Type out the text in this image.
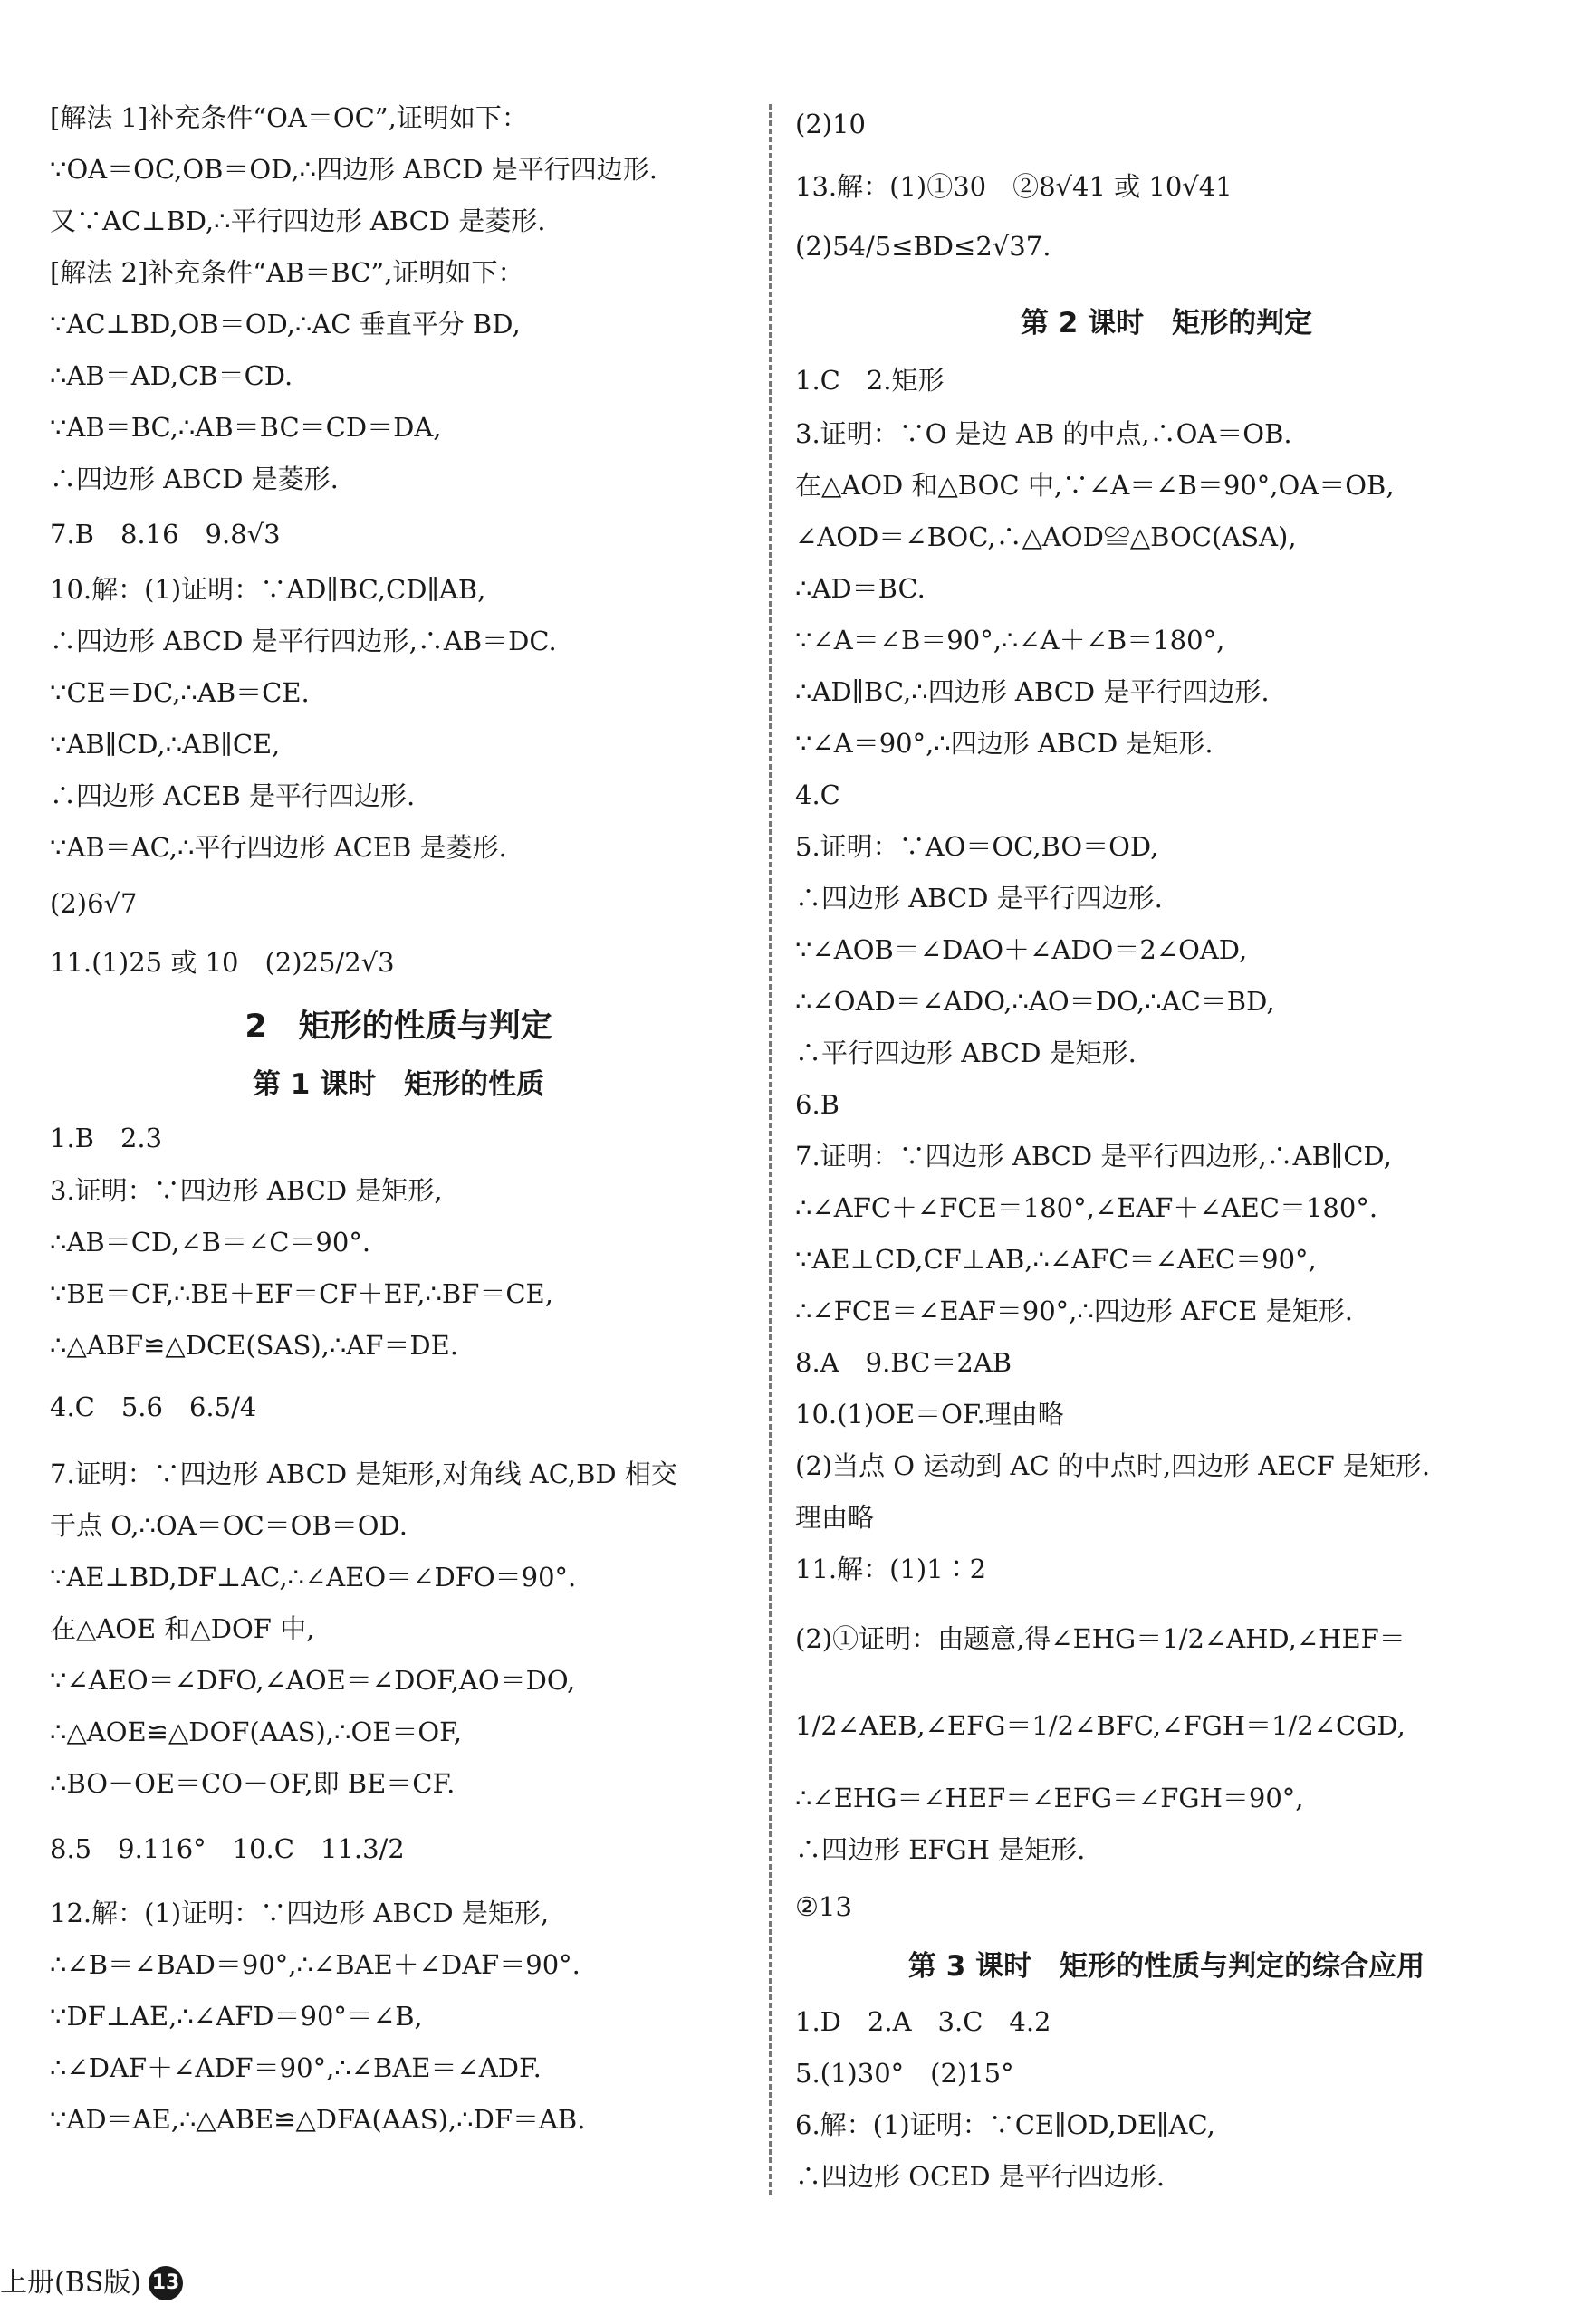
[解法 1]补充条件“OA＝OC”,证明如下：
∵OA＝OC,OB＝OD,∴四边形 ABCD 是平行四边形.
又∵AC⊥BD,∴平行四边形 ABCD 是菱形.
[解法 2]补充条件“AB＝BC”,证明如下：
∵AC⊥BD,OB＝OD,∴AC 垂直平分 BD,
∴AB＝AD,CB＝CD.
∵AB＝BC,∴AB＝BC＝CD＝DA,
∴四边形 ABCD 是菱形.
7.B　8.16　9.8√3
10.解：(1)证明：∵AD∥BC,CD∥AB,
∴四边形 ABCD 是平行四边形,∴AB＝DC.
∵CE＝DC,∴AB＝CE.
∵AB∥CD,∴AB∥CE,
∴四边形 ACEB 是平行四边形.
∵AB＝AC,∴平行四边形 ACEB 是菱形.
(2)6√7
11.(1)25 或 10　(2)25/2√3
2　矩形的性质与判定
第 1 课时　矩形的性质
1.B　2.3
3.证明：∵四边形 ABCD 是矩形,
∴AB＝CD,∠B＝∠C＝90°.
∵BE＝CF,∴BE＋EF＝CF＋EF,∴BF＝CE,
∴△ABF≌△DCE(SAS),∴AF＝DE.
4.C　5.6　6.5/4
7.证明：∵四边形 ABCD 是矩形,对角线 AC,BD 相交
于点 O,∴OA＝OC＝OB＝OD.
∵AE⊥BD,DF⊥AC,∴∠AEO＝∠DFO＝90°.
在△AOE 和△DOF 中,
∵∠AEO＝∠DFO,∠AOE＝∠DOF,AO＝DO,
∴△AOE≌△DOF(AAS),∴OE＝OF,
∴BO－OE＝CO－OF,即 BE＝CF.
8.5　9.116°　10.C　11.3/2
12.解：(1)证明：∵四边形 ABCD 是矩形,
∴∠B＝∠BAD＝90°,∴∠BAE＋∠DAF＝90°.
∵DF⊥AE,∴∠AFD＝90°＝∠B,
∴∠DAF＋∠ADF＝90°,∴∠BAE＝∠ADF.
∵AD＝AE,∴△ABE≌△DFA(AAS),∴DF＝AB.
(2)10
13.解：(1)①30　②8√41 或 10√41
(2)54/5≤BD≤2√37.
第 2 课时　矩形的判定
1.C　2.矩形
3.证明：∵O 是边 AB 的中点,∴OA＝OB.
在△AOD 和△BOC 中,∵∠A＝∠B＝90°,OA＝OB,
∠AOD＝∠BOC,∴△AOD≌△BOC(ASA),
∴AD＝BC.
∵∠A＝∠B＝90°,∴∠A＋∠B＝180°,
∴AD∥BC,∴四边形 ABCD 是平行四边形.
∵∠A＝90°,∴四边形 ABCD 是矩形.
4.C
5.证明：∵AO＝OC,BO＝OD,
∴四边形 ABCD 是平行四边形.
∵∠AOB＝∠DAO＋∠ADO＝2∠OAD,
∴∠OAD＝∠ADO,∴AO＝DO,∴AC＝BD,
∴平行四边形 ABCD 是矩形.
6.B
7.证明：∵四边形 ABCD 是平行四边形,∴AB∥CD,
∴∠AFC＋∠FCE＝180°,∠EAF＋∠AEC＝180°.
∵AE⊥CD,CF⊥AB,∴∠AFC＝∠AEC＝90°,
∴∠FCE＝∠EAF＝90°,∴四边形 AFCE 是矩形.
8.A　9.BC＝2AB
10.(1)OE＝OF.理由略
(2)当点 O 运动到 AC 的中点时,四边形 AECF 是矩形.
理由略
11.解：(1)1∶2
(2)①证明：由题意,得∠EHG＝1/2∠AHD,∠HEF＝
1/2∠AEB,∠EFG＝1/2∠BFC,∠FGH＝1/2∠CGD,
∴∠EHG＝∠HEF＝∠EFG＝∠FGH＝90°,
∴四边形 EFGH 是矩形.
②13
第 3 课时　矩形的性质与判定的综合应用
1.D　2.A　3.C　4.2
5.(1)30°　(2)15°
6.解：(1)证明：∵CE∥OD,DE∥AC,
∴四边形 OCED 是平行四边形.
上册(BS版) 13
